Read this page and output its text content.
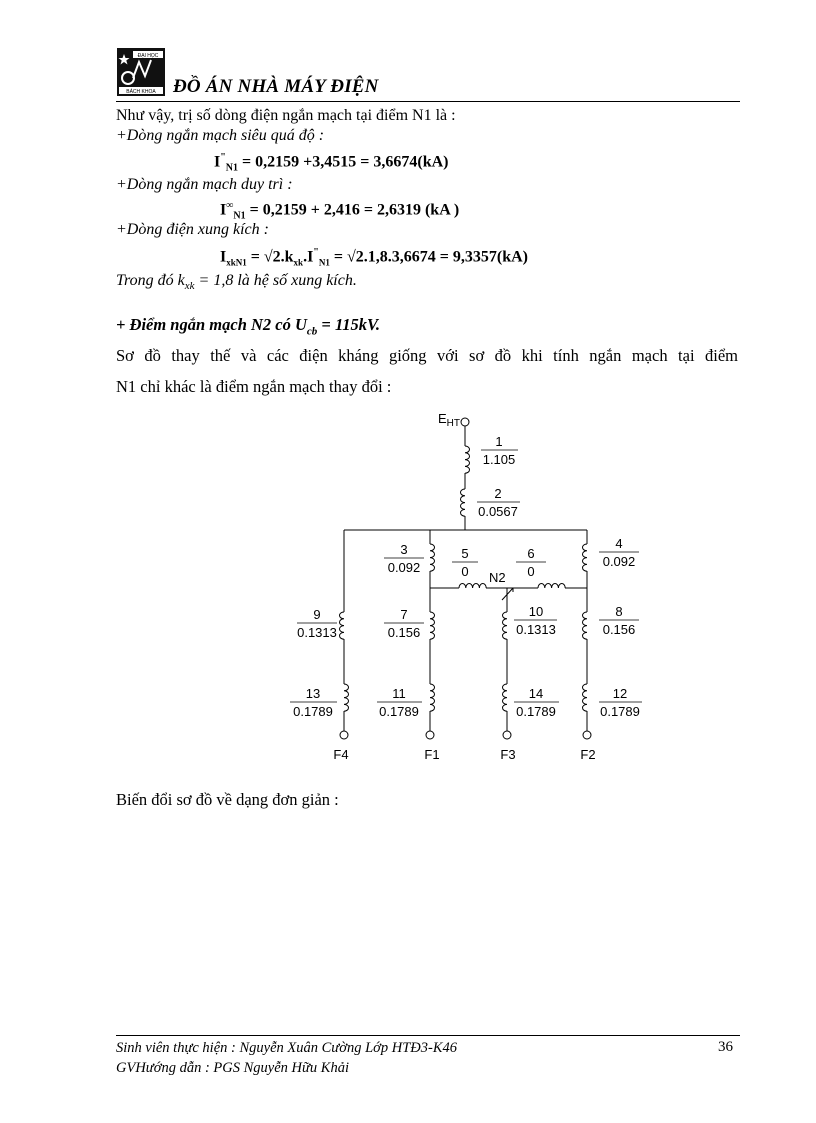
ĐẠI HỌC
BÁCH KHOA ĐỒ ÁN NHÀ MÁY ĐIỆN
Như vậy, trị số dòng điện ngắn mạch tại điểm N1 là :
+Dòng ngắn mạch siêu quá độ :
$I^"_{N1} = 0,2159 +3,4515 = 3,6674(kA)$
+Dòng ngắn mạch duy trì :
$I^\infty_{N1} = 0,2159 + 2,416 = 2,6319$ (kA )
+Dòng điện xung kích :
$I_{xkN1} = √2.k_{xk}.I^"_{N1} = √2.1,8.3,6674 = 9,3357(kA)$
Trong đó $k_{xk} = 1,8$ là hệ số xung kích.
+ Điểm ngắn mạch N2 có $U_{cb} = 115kV$.
Sơ đồ thay thế và các điện kháng giống với sơ đồ khi tính ngắn mạch tại điểm
N1 chỉ khác là điểm ngắn mạch thay đổi :
$E_{HT}$
1
1.105
2
0.0567
3
0.092
4
0.092
5
0
6
0
7
0.156
8
0.156
9
0.1313
10
0.1313
11
0.1789
12
0.1789
13
0.1789
14
0.1789
N2
F4	F1	F3	F2
Biến đổi sơ đồ về dạng đơn giản :
Sinh viên thực hiện : Nguyễn Xuân Cường Lớp HTĐ3-K46
GVHướng dẫn : PGS Nguyễn Hữu Khải
36
